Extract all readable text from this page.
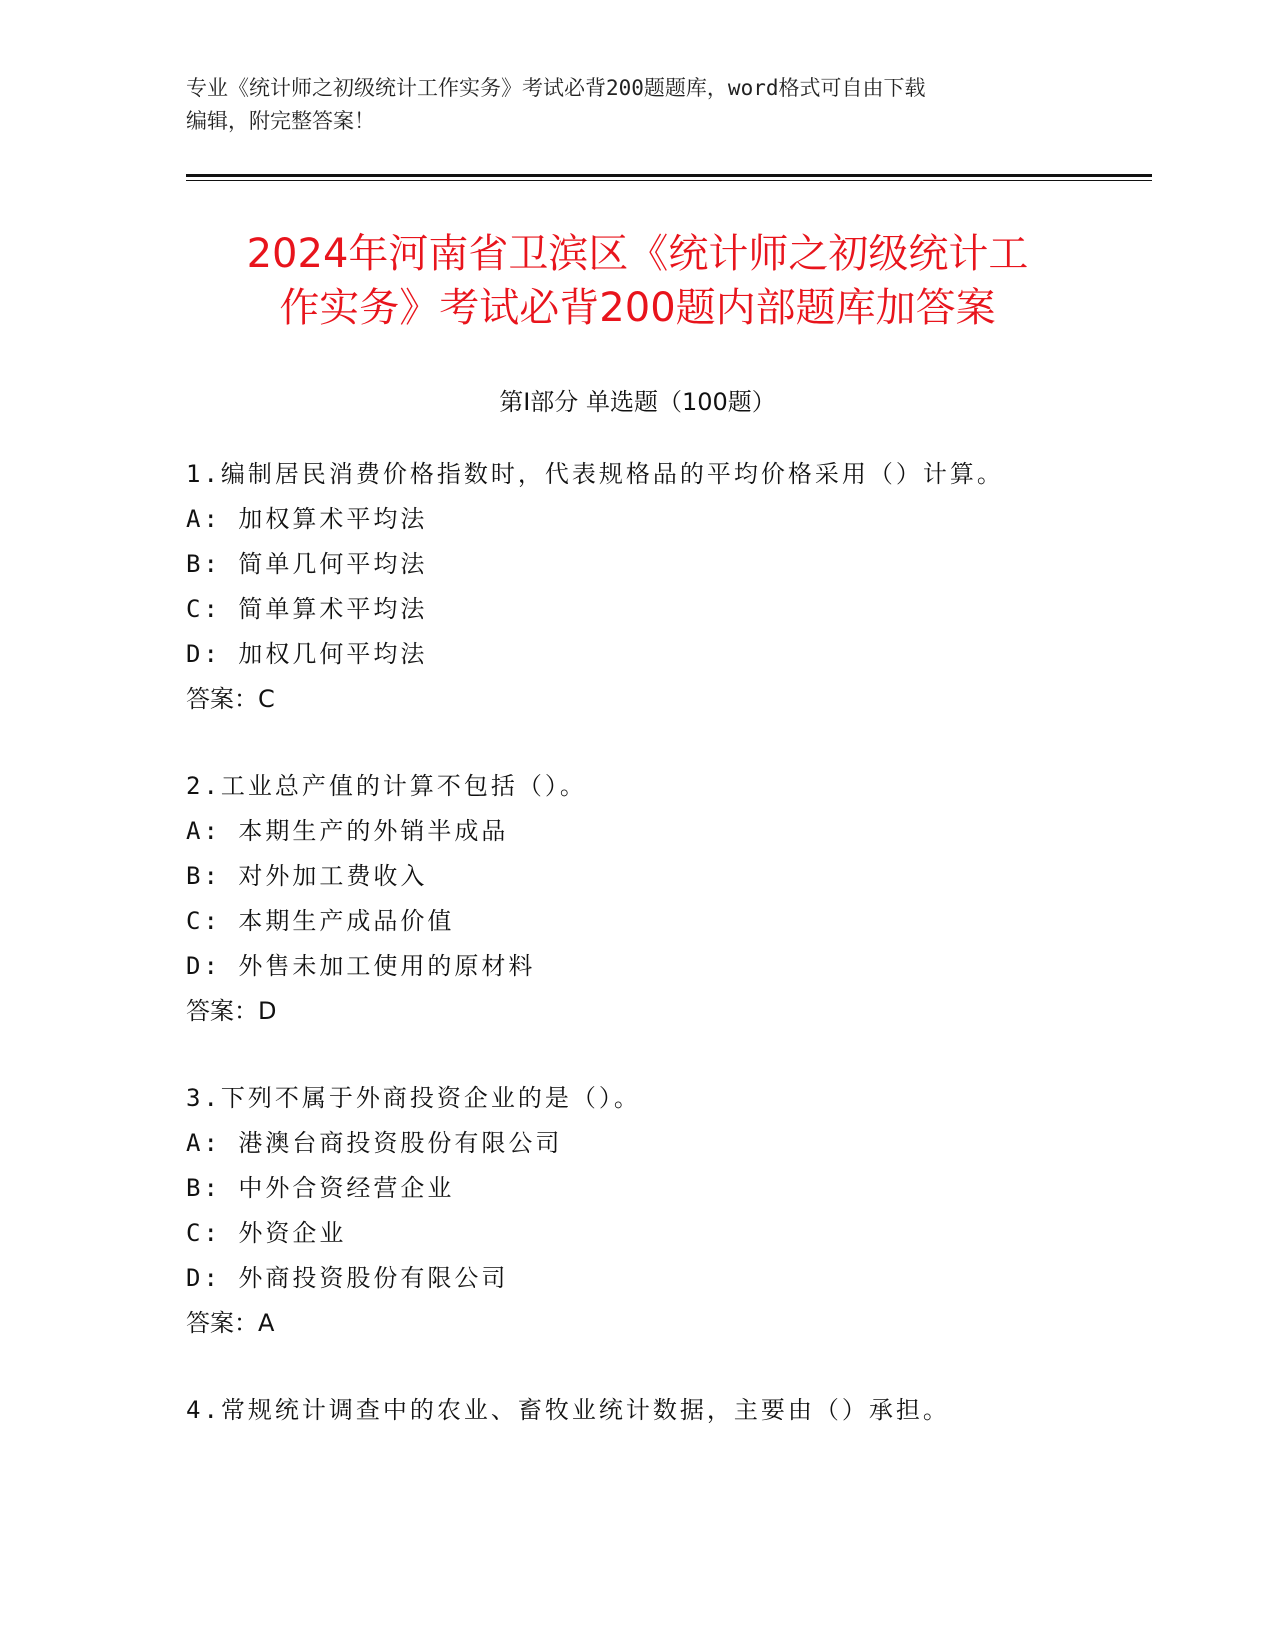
专业《统计师之初级统计工作实务》考试必背200题题库，word格式可自由下载
编辑，附完整答案！
2024年河南省卫滨区《统计师之初级统计工
作实务》考试必背200题内部题库加答案
第Ⅰ部分 单选题（100题）
1.编制居民消费价格指数时，代表规格品的平均价格采用（）计算。
A: 加权算术平均法
B: 简单几何平均法
C: 简单算术平均法
D: 加权几何平均法
答案：C
2.工业总产值的计算不包括（）。
A: 本期生产的外销半成品
B: 对外加工费收入
C: 本期生产成品价值
D: 外售未加工使用的原材料
答案：D
3.下列不属于外商投资企业的是（）。
A: 港澳台商投资股份有限公司
B: 中外合资经营企业
C: 外资企业
D: 外商投资股份有限公司
答案：A
4.常规统计调查中的农业、畜牧业统计数据，主要由（）承担。
